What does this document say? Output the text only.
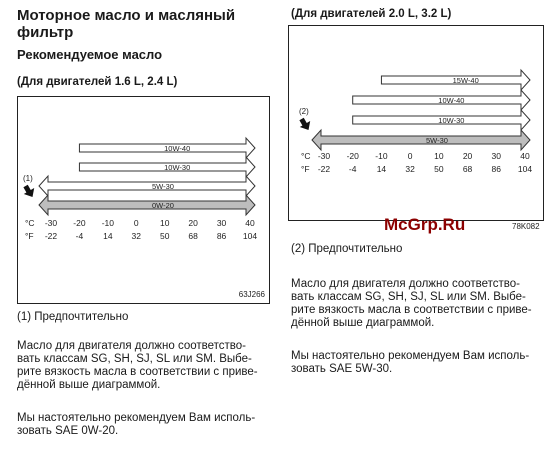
Моторное масло и масляный
фильтр
Рекомендуемое масло
(Для двигателей 1.6 L, 2.4 L)
10W-40
10W-30
5W-30
0W-20
°C
°F
-30 -20 -10 0	10 20 30 40
-22 -4 14 32 50 68 86 104
(1)
63J266
(1) Предпочтительно
Масло для двигателя должно соответство-
вать классам SG, SH, SJ, SL или SM. Выбе-
рите вязкость масла в соответствии с приве-
дённой выше диаграммой.
Мы настоятельно рекомендуем Вам исполь-
зовать SAE 0W-20.
(Для двигателей 2.0 L, 3.2 L)
15W-40
10W-40
10W-30
5W-30
°C
°F
-30 -20 -10 0	10 20 30 40
-22 -4 14 32 50 68 86 104
(2)
McGrp.Ru	78K082
(2) Предпочтительно
Масло для двигателя должно соответство-
вать классам SG, SH, SJ, SL или SM. Выбе-
рите вязкость масла в соответствии с приве-
дённой выше диаграммой.
Мы настоятельно рекомендуем Вам исполь-
зовать SAE 5W-30.
